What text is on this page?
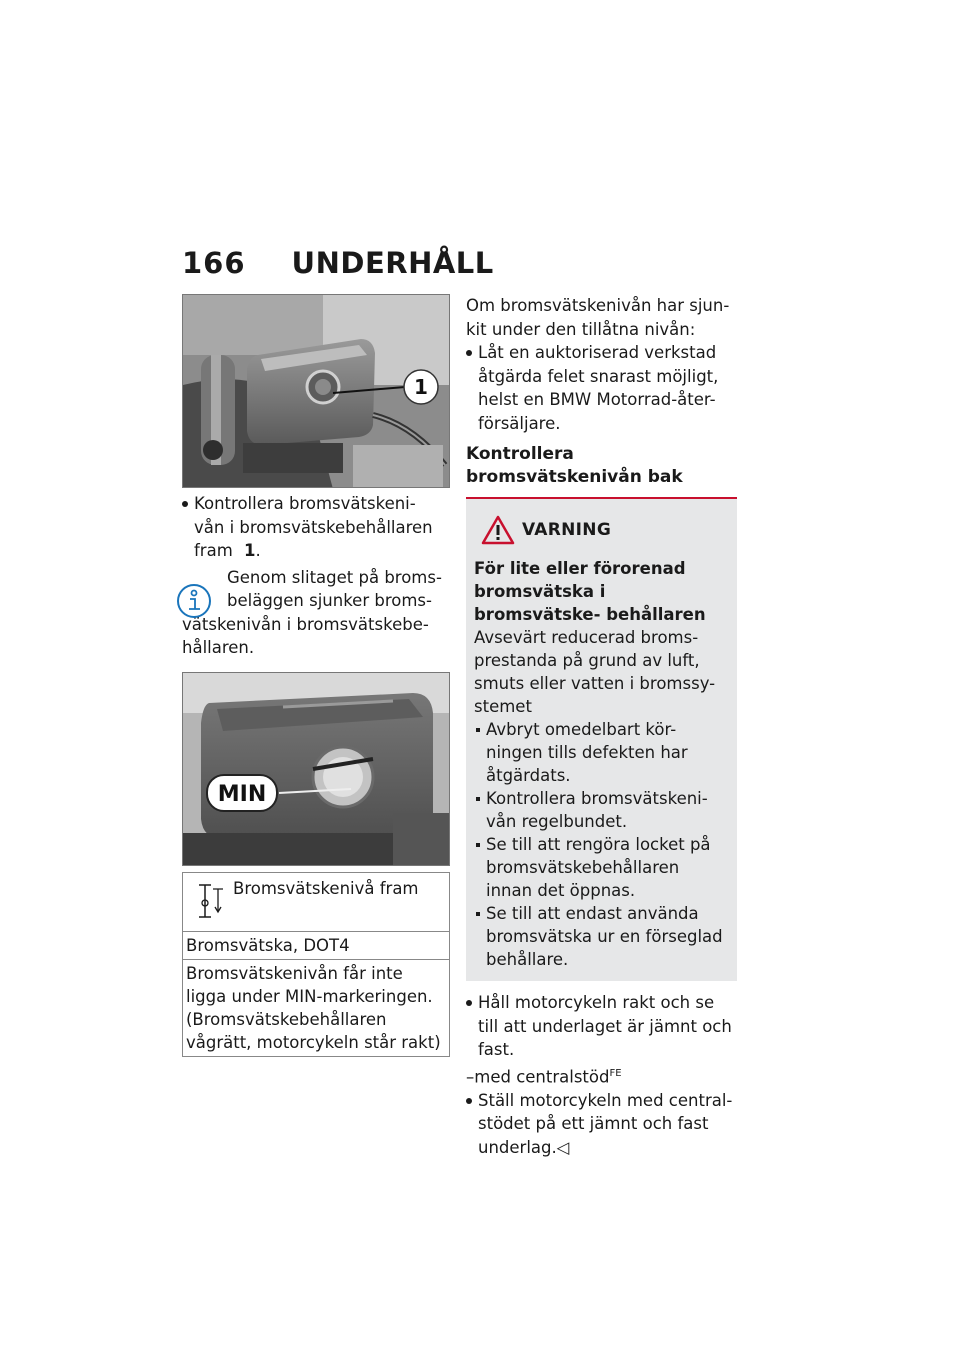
166 UNDERHÅLL
1
Kontrollera bromsvätskeni- vån i bromsvätskebehållaren fram 1.
Genom slitaget på broms- beläggen sjunker broms-
vätskenivån i bromsvätskebe- hållaren.
MIN
Bromsvätskenivå fram
Bromsvätska, DOT4
Bromsvätskenivån får inte ligga under MIN-markeringen. (Bromsvätskebehållaren vågrätt, motorcykeln står rakt)

Om bromsvätskenivån har sjun- kit under den tillåtna nivån:

Låt en auktoriserad verkstad åtgärda felet snarast möjligt, helst en BMW Motorrad-åter- försäljare.
Kontrollera bromsvätskenivån bak
VARNING
För lite eller förorenad bromsvätska i bromsvätske- behållaren
Avsevärt reducerad broms- prestanda på grund av luft, smuts eller vatten i bromssy- stemet
Avbryt omedelbart kör- ningen tills defekten har åtgärdats.
Kontrollera bromsvätskeni- vån regelbundet.
Se till att rengöra locket på bromsvätskebehållaren innan det öppnas.
Se till att endast använda bromsvätska ur en förseglad behållare.
Håll motorcykeln rakt och se till att underlaget är jämnt och fast.
–med centralstöd$^{FE}$
Ställ motorcykeln med central- stödet på ett jämnt och fast underlag.◁
